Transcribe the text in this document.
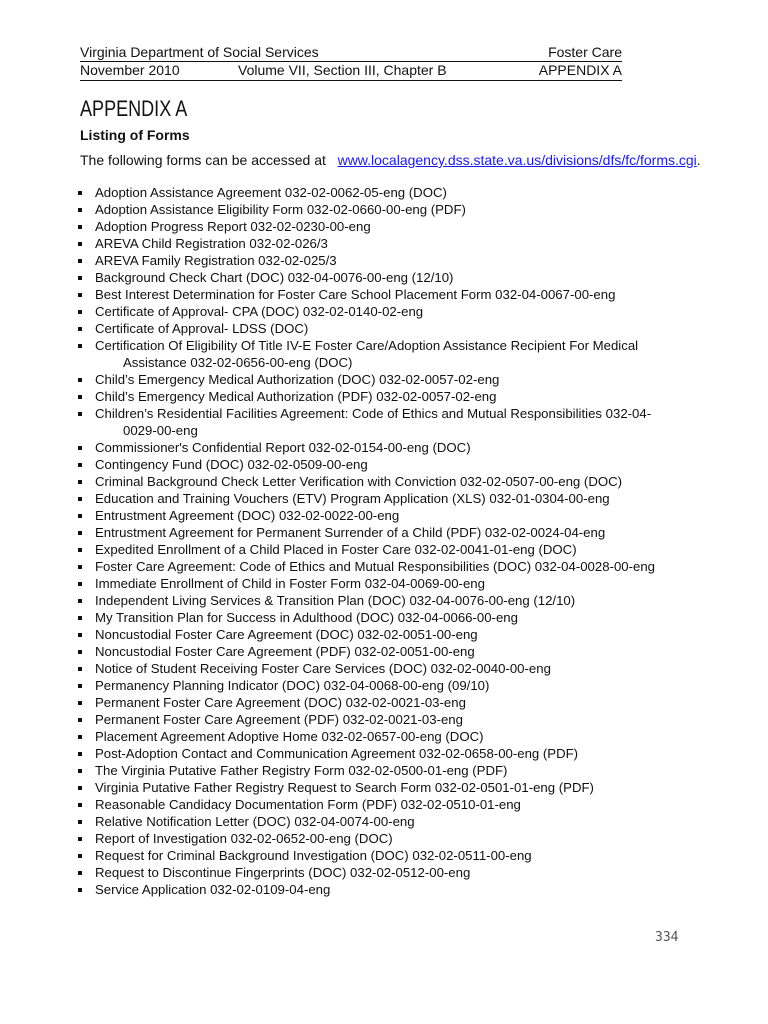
Virginia Department of Social Services	Foster Care
November 2010	Volume VII, Section III, Chapter B	APPENDIX A
APPENDIX A
Listing of Forms
The following forms can be accessed at www.localagency.dss.state.va.us/divisions/dfs/fc/forms.cgi.
Adoption Assistance Agreement 032-02-0062-05-eng (DOC)
Adoption Assistance Eligibility Form 032-02-0660-00-eng (PDF)
Adoption Progress Report 032-02-0230-00-eng
AREVA Child Registration 032-02-026/3
AREVA Family Registration 032-02-025/3
Background Check Chart (DOC) 032-04-0076-00-eng (12/10)
Best Interest Determination for Foster Care School Placement Form 032-04-0067-00-eng
Certificate of Approval- CPA (DOC) 032-02-0140-02-eng
Certificate of Approval- LDSS (DOC)
Certification Of Eligibility Of Title IV-E Foster Care/Adoption Assistance Recipient For Medical
Assistance 032-02-0656-00-eng (DOC)
Child’s Emergency Medical Authorization (DOC) 032-02-0057-02-eng
Child’s Emergency Medical Authorization (PDF) 032-02-0057-02-eng
Children’s Residential Facilities Agreement: Code of Ethics and Mutual Responsibilities 032-04-
0029-00-eng
Commissioner's Confidential Report 032-02-0154-00-eng (DOC)
Contingency Fund (DOC) 032-02-0509-00-eng
Criminal Background Check Letter Verification with Conviction 032-02-0507-00-eng (DOC)
Education and Training Vouchers (ETV) Program Application (XLS) 032-01-0304-00-eng
Entrustment Agreement (DOC) 032-02-0022-00-eng
Entrustment Agreement for Permanent Surrender of a Child (PDF) 032-02-0024-04-eng
Expedited Enrollment of a Child Placed in Foster Care 032-02-0041-01-eng (DOC)
Foster Care Agreement: Code of Ethics and Mutual Responsibilities (DOC) 032-04-0028-00-eng
Immediate Enrollment of Child in Foster Form 032-04-0069-00-eng
Independent Living Services & Transition Plan (DOC) 032-04-0076-00-eng (12/10)
My Transition Plan for Success in Adulthood (DOC) 032-04-0066-00-eng
Noncustodial Foster Care Agreement (DOC) 032-02-0051-00-eng
Noncustodial Foster Care Agreement (PDF) 032-02-0051-00-eng
Notice of Student Receiving Foster Care Services (DOC) 032-02-0040-00-eng
Permanency Planning Indicator (DOC) 032-04-0068-00-eng (09/10)
Permanent Foster Care Agreement (DOC) 032-02-0021-03-eng
Permanent Foster Care Agreement (PDF) 032-02-0021-03-eng
Placement Agreement Adoptive Home 032-02-0657-00-eng (DOC)
Post-Adoption Contact and Communication Agreement 032-02-0658-00-eng (PDF)
The Virginia Putative Father Registry Form 032-02-0500-01-eng (PDF)
Virginia Putative Father Registry Request to Search Form 032-02-0501-01-eng (PDF)
Reasonable Candidacy Documentation Form (PDF) 032-02-0510-01-eng
Relative Notification Letter (DOC) 032-04-0074-00-eng
Report of Investigation 032-02-0652-00-eng (DOC)
Request for Criminal Background Investigation (DOC) 032-02-0511-00-eng
Request to Discontinue Fingerprints (DOC) 032-02-0512-00-eng
Service Application 032-02-0109-04-eng
334
